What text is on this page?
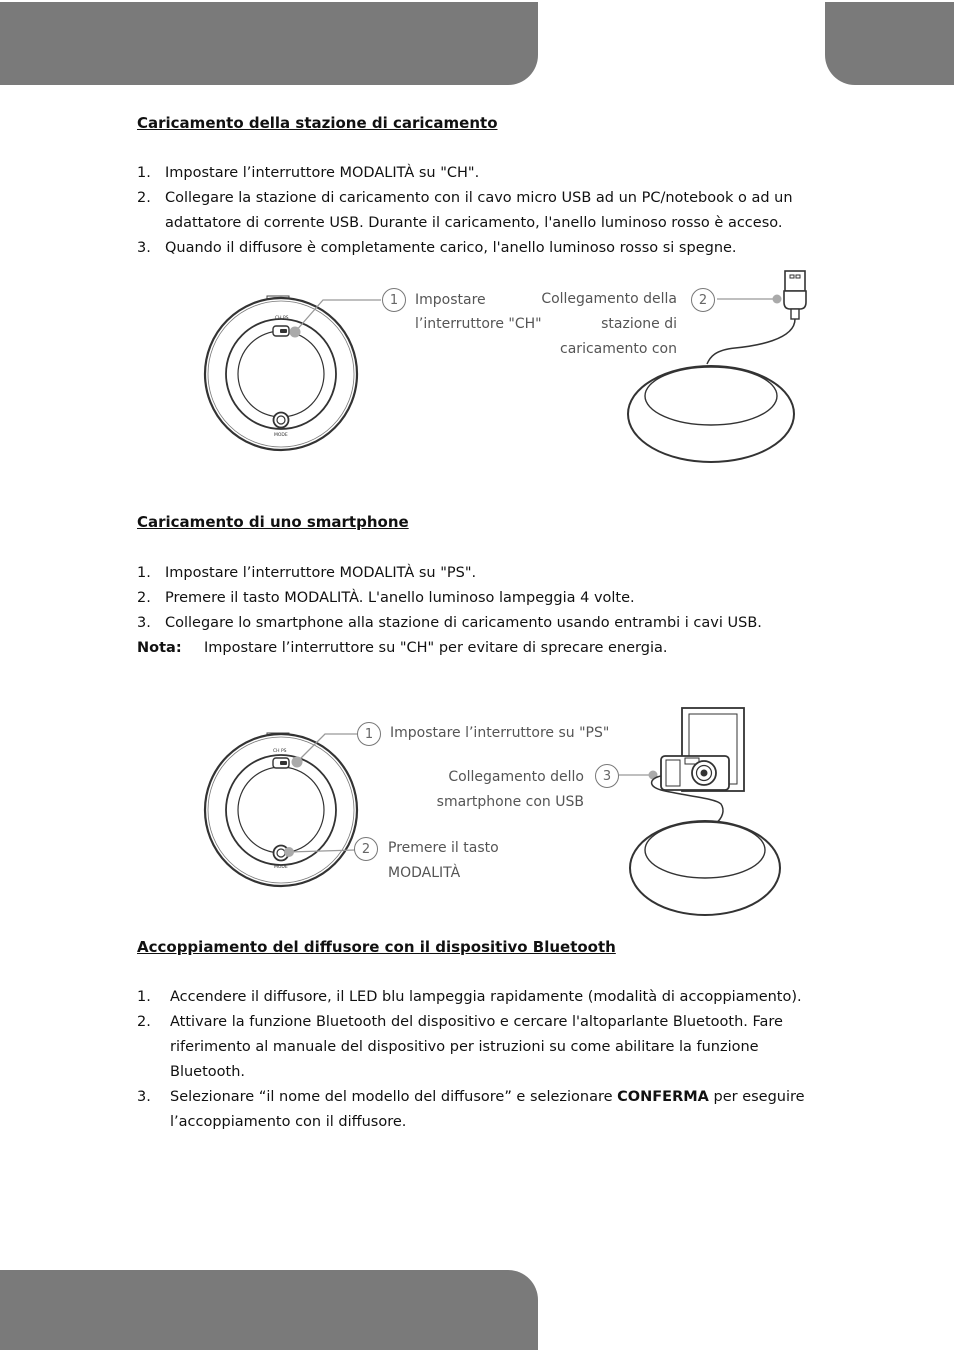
Caricamento della stazione di caricamento
1. Impostare l’interruttore MODALITÀ su "CH".
2. Collegare la stazione di caricamento con il cavo micro USB ad un PC/notebook o ad un
adattatore di corrente USB. Durante il caricamento, l'anello luminoso rosso è acceso.
3. Quando il diffusore è completamente carico, l'anello luminoso rosso si spegne.
CH PS
MODE
1	Impostare
l’interruttore "CH"
2
Collegamento della
stazione di
caricamento con
Caricamento di uno smartphone
1. Impostare l’interruttore MODALITÀ su "PS".
2. Premere il tasto MODALITÀ. L'anello luminoso lampeggia 4 volte.
3. Collegare lo smartphone alla stazione di caricamento usando entrambi i cavi USB.
Nota: Impostare l’interruttore su "CH" per evitare di sprecare energia.
CH PS
MODE
1	Impostare l’interruttore su "PS"
3
Collegamento dello
smartphone con USB
2	Premere il tasto
MODALITÀ
Accoppiamento del diffusore con il dispositivo Bluetooth
1. Accendere il diffusore, il LED blu lampeggia rapidamente (modalità di accoppiamento).
2. Attivare la funzione Bluetooth del dispositivo e cercare l'altoparlante Bluetooth. Fare
riferimento al manuale del dispositivo per istruzioni su come abilitare la funzione
Bluetooth.
3. Selezionare “il nome del modello del diffusore” e selezionare CONFERMA per eseguire
l’accoppiamento con il diffusore.
